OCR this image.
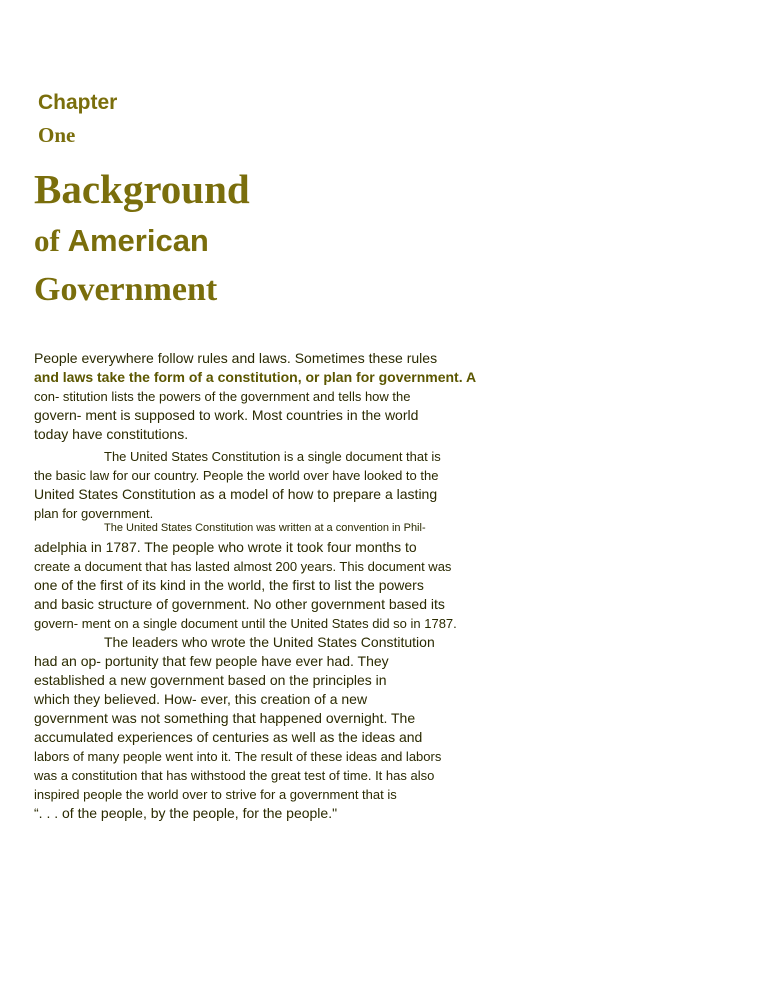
Chapter
One
Background
of American
Government
People everywhere follow rules and laws. Sometimes these rules
and laws take the form of a constitution, or plan for government. A
con- stitution lists the powers of the government and tells how the
govern- ment is supposed to work. Most countries in the world
today have constitutions.
The United States Constitution is a single document that is
the basic law for our country. People the world over have looked to the
United States Constitution as a model of how to prepare a lasting
plan for government.
The United States Constitution was written at a convention in Phil-
adelphia in 1787. The people who wrote it took four months to
create a document that has lasted almost 200 years. This document was
one of the first of its kind in the world, the first to list the powers
and basic structure of government. No other government based its
govern- ment on a single document until the United States did so in 1787.
The leaders who wrote the United States Constitution
had an op- portunity that few people have ever had. They
established a new government based on the principles in
which they believed. How- ever, this creation of a new
government was not something that happened overnight. The
accumulated experiences of centuries as well as the ideas and
labors of many people went into it. The result of these ideas and labors
was a constitution that has withstood the great test of time. It has also
inspired people the world over to strive for a government that is
“. . . of the people, by the people, for the people."
